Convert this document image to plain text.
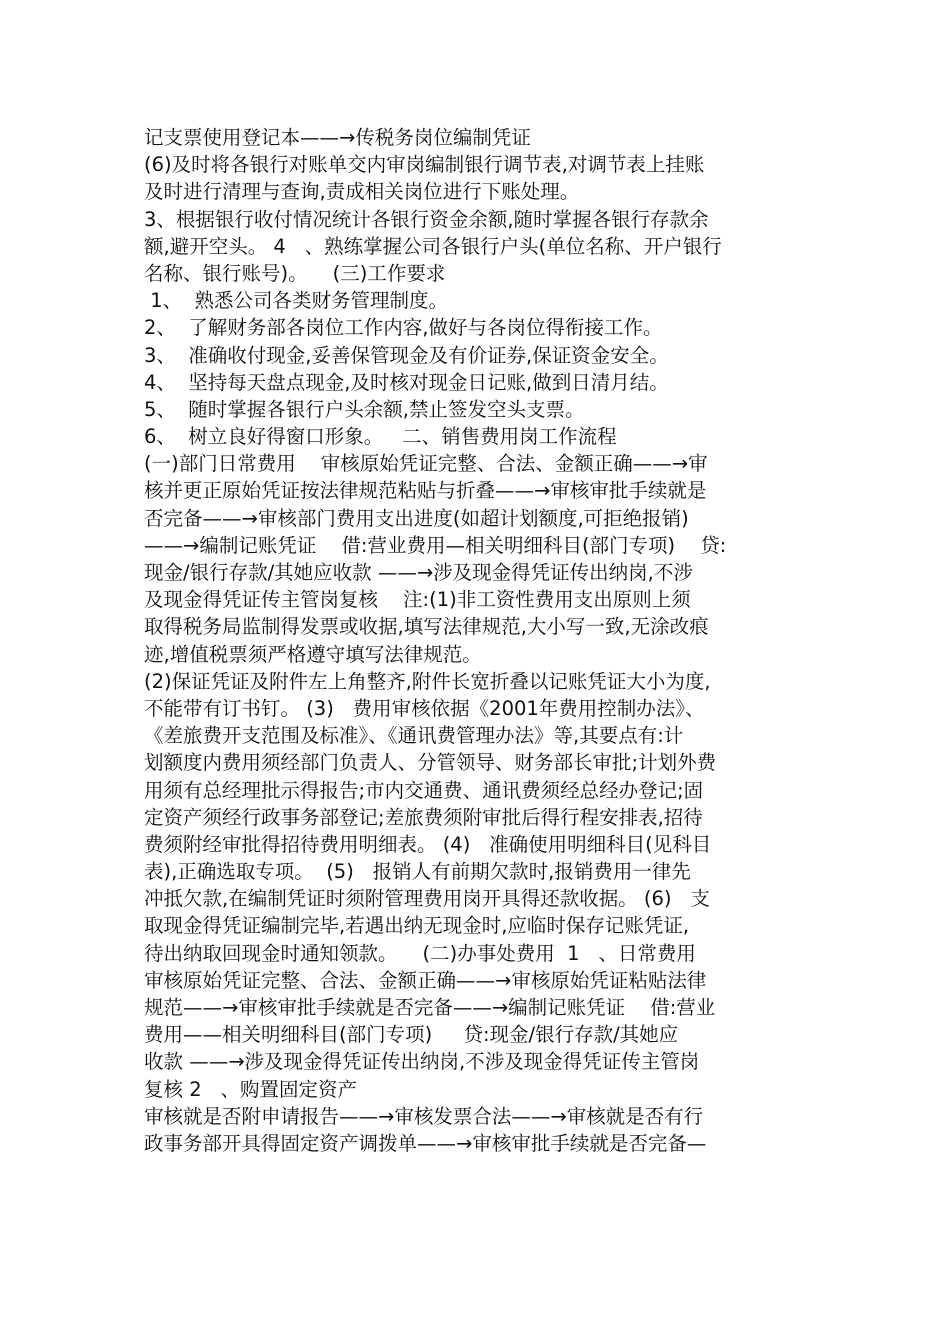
记支票使用登记本——→传税务岗位编制凭证
(6)及时将各银行对账单交内审岗编制银行调节表,对调节表上挂账
及时进行清理与查询,责成相关岗位进行下账处理。
3、根据银行收付情况统计各银行资金余额,随时掌握各银行存款余
额,避开空头。 4ﾠ、熟练掌握公司各银行户头(单位名称、开户银行
名称、银行账号)。 ﾠ(三)工作要求
1、  熟悉公司各类财务管理制度。
2、  了解财务部各岗位工作内容,做好与各岗位得衔接工作。
3、  准确收付现金,妥善保管现金及有价证券,保证资金安全。 ﾠ
4、  坚持每天盘点现金,及时核对现金日记账,做到日清月结。
5、  随时掌握各银行户头余额,禁止签发空头支票。
6、  树立良好得窗口形象。ﾠ二、销售费用岗工作流程
(一)部门日常费用 ﾠ审核原始凭证完整、合法、金额正确——→审
核并更正原始凭证按法律规范粘贴与折叠——→审核审批手续就是
否完备——→审核部门费用支出进度(如超计划额度,可拒绝报销)
——→编制记账凭证 ﾠ借:营业费用—相关明细科目(部门专项) ﾠ贷:
现金/银行存款/其她应收款 ——→涉及现金得凭证传出纳岗,不涉
及现金得凭证传主管岗复核 ﾠ注:(1)非工资性费用支出原则上须
取得税务局监制得发票或收据,填写法律规范,大小写一致,无涂改痕
迹,增值税票须严格遵守填写法律规范。
(2)保证凭证及附件左上角整齐,附件长宽折叠以记账凭证大小为度,
不能带有订书钉。 (3)ﾠ费用审核依据《2001年费用控制办法》、
《差旅费开支范围及标准》、《通讯费管理办法》等,其要点有:计
划额度内费用须经部门负责人、分管领导、财务部长审批;计划外费
用须有总经理批示得报告;市内交通费、通讯费须经总经办登记;固
定资产须经行政事务部登记;差旅费须附审批后得行程安排表,招待
费须附经审批得招待费用明细表。 (4)ﾠ准确使用明细科目(见科目
表),正确选取专项。  (5)ﾠ报销人有前期欠款时,报销费用一律先
冲抵欠款,在编制凭证时须附管理费用岗开具得还款收据。 (6)ﾠ支
取现金得凭证编制完毕,若遇出纳无现金时,应临时保存记账凭证,
待出纳取回现金时通知领款。 ﾠ(二)办事处费用  1ﾠ、日常费用 ﾠ
审核原始凭证完整、合法、金额正确——→审核原始凭证粘贴法律
规范——→审核审批手续就是否完备——→编制记账凭证 ﾠ借:营业
费用——相关明细科目(部门专项)  ﾠ贷:现金/银行存款/其她应
收款 ——→涉及现金得凭证传出纳岗,不涉及现金得凭证传主管岗
复核 2ﾠ、购置固定资产
审核就是否附申请报告——→审核发票合法——→审核就是否有行
政事务部开具得固定资产调拨单——→审核审批手续就是否完备—
